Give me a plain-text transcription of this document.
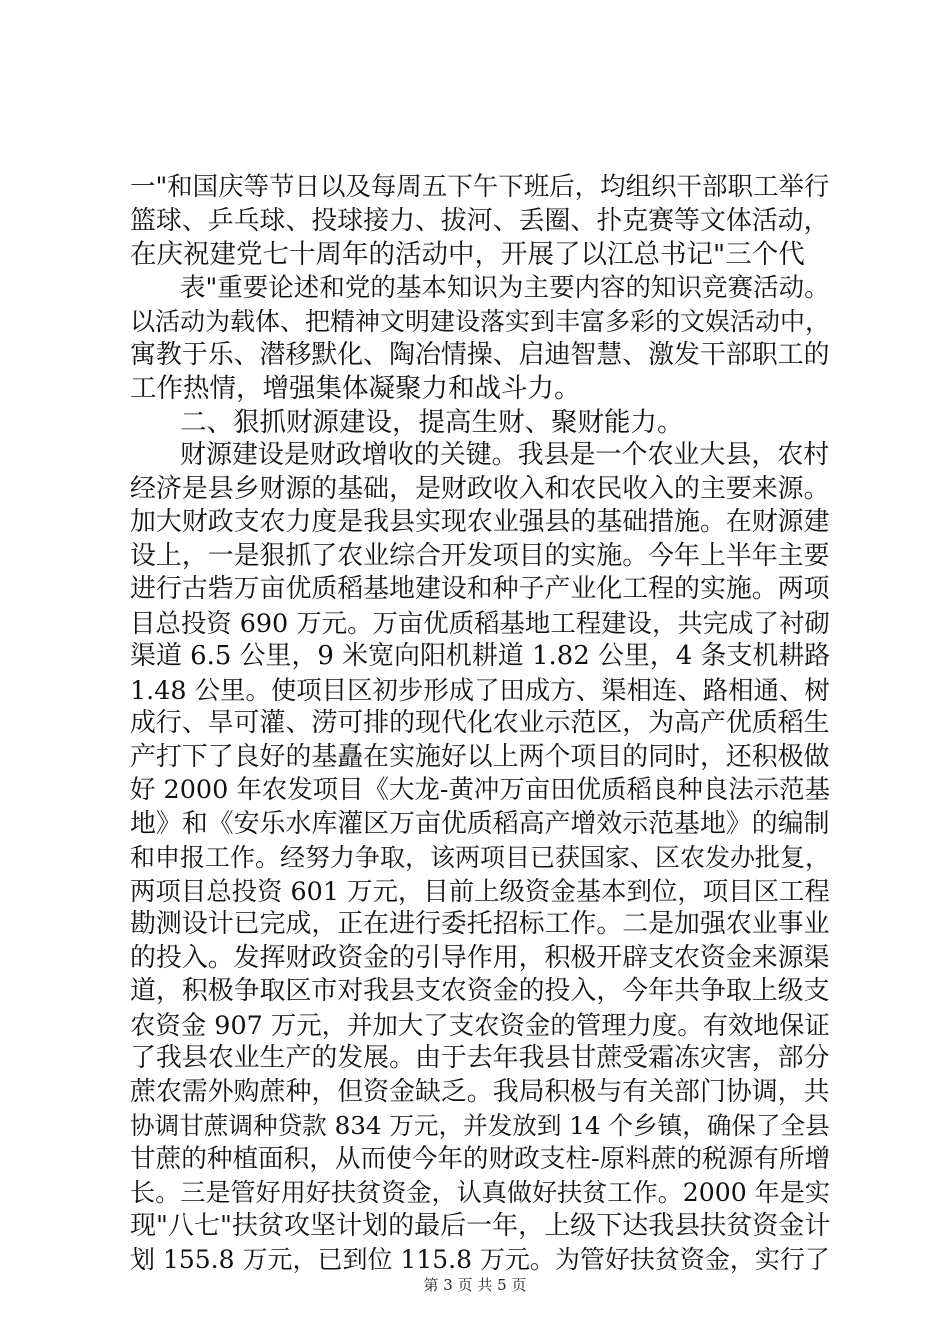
一"和国庆等节日以及每周五下午下班后，均组织干部职工举行
篮球、乒乓球、投球接力、拔河、丢圈、扑克赛等文体活动，
在庆祝建党七十周年的活动中，开展了以江总书记"三个代
表"重要论述和党的基本知识为主要内容的知识竞赛活动。
以活动为载体、把精神文明建设落实到丰富多彩的文娱活动中，
寓教于乐、潜移默化、陶冶情操、启迪智慧、激发干部职工的
工作热情，增强集体凝聚力和战斗力。
二、狠抓财源建设，提高生财、聚财能力。
财源建设是财政增收的关键。我县是一个农业大县，农村
经济是县乡财源的基础，是财政收入和农民收入的主要来源。
加大财政支农力度是我县实现农业强县的基础措施。在财源建
设上，一是狠抓了农业综合开发项目的实施。今年上半年主要
进行古砦万亩优质稻基地建设和种子产业化工程的实施。两项
目总投资 690 万元。万亩优质稻基地工程建设，共完成了衬砌
渠道 6.5 公里，9 米宽向阳机耕道 1.82 公里，4 条支机耕路
1.48 公里。使项目区初步形成了田成方、渠相连、路相通、树
成行、旱可灌、涝可排的现代化农业示范区，为高产优质稻生
产打下了良好的基矗在实施好以上两个项目的同时，还积极做
好 2000 年农发项目《大龙-黄冲万亩田优质稻良种良法示范基
地》和《安乐水库灌区万亩优质稻高产增效示范基地》的编制
和申报工作。经努力争取，该两项目已获国家、区农发办批复，
两项目总投资 601 万元，目前上级资金基本到位，项目区工程
勘测设计已完成，正在进行委托招标工作。二是加强农业事业
的投入。发挥财政资金的引导作用，积极开辟支农资金来源渠
道，积极争取区市对我县支农资金的投入，今年共争取上级支
农资金 907 万元，并加大了支农资金的管理力度。有效地保证
了我县农业生产的发展。由于去年我县甘蔗受霜冻灾害，部分
蔗农需外购蔗种，但资金缺乏。我局积极与有关部门协调，共
协调甘蔗调种贷款 834 万元，并发放到 14 个乡镇，确保了全县
甘蔗的种植面积，从而使今年的财政支柱-原料蔗的税源有所增
长。三是管好用好扶贫资金，认真做好扶贫工作。2000 年是实
现"八七"扶贫攻坚计划的最后一年，上级下达我县扶贫资金计
划 155.8 万元，已到位 115.8 万元。为管好扶贫资金，实行了
第 3 页 共 5 页
